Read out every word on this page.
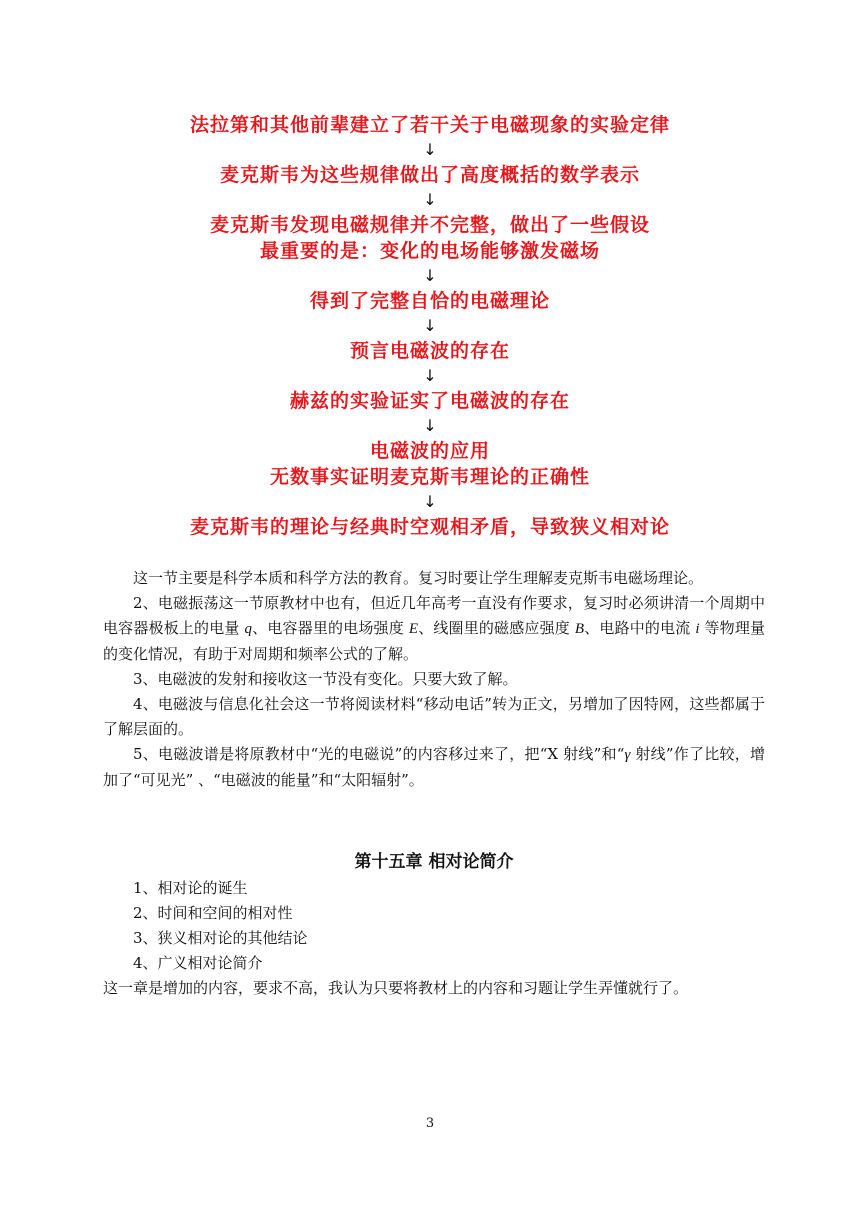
法拉第和其他前辈建立了若干关于电磁现象的实验定律
↓
麦克斯韦为这些规律做出了高度概括的数学表示
↓
麦克斯韦发现电磁规律并不完整，做出了一些假设
最重要的是：变化的电场能够激发磁场
↓
得到了完整自恰的电磁理论
↓
预言电磁波的存在
↓
赫兹的实验证实了电磁波的存在
↓
电磁波的应用
无数事实证明麦克斯韦理论的正确性
↓
麦克斯韦的理论与经典时空观相矛盾，导致狭义相对论

这一节主要是科学本质和科学方法的教育。复习时要让学生理解麦克斯韦电磁场理论。

2、电磁振荡这一节原教材中也有，但近几年高考一直没有作要求，复习时必须讲清一个周期中电容器极板上的电量 q、电容器里的电场强度 E、线圈里的磁感应强度 B、电路中的电流 i 等物理量的变化情况，有助于对周期和频率公式的了解。

3、电磁波的发射和接收这一节没有变化。只要大致了解。

4、电磁波与信息化社会这一节将阅读材料“移动电话”转为正文，另增加了因特网，这些都属于了解层面的。

5、电磁波谱是将原教材中“光的电磁说”的内容移过来了，把“X 射线”和“γ 射线”作了比较，增加了“可见光” 、“电磁波的能量”和“太阳辐射”。

第十五章 相对论简介

1、相对论的诞生

2、时间和空间的相对性

3、狭义相对论的其他结论

4、广义相对论简介

这一章是增加的内容，要求不高，我认为只要将教材上的内容和习题让学生弄懂就行了。

3
